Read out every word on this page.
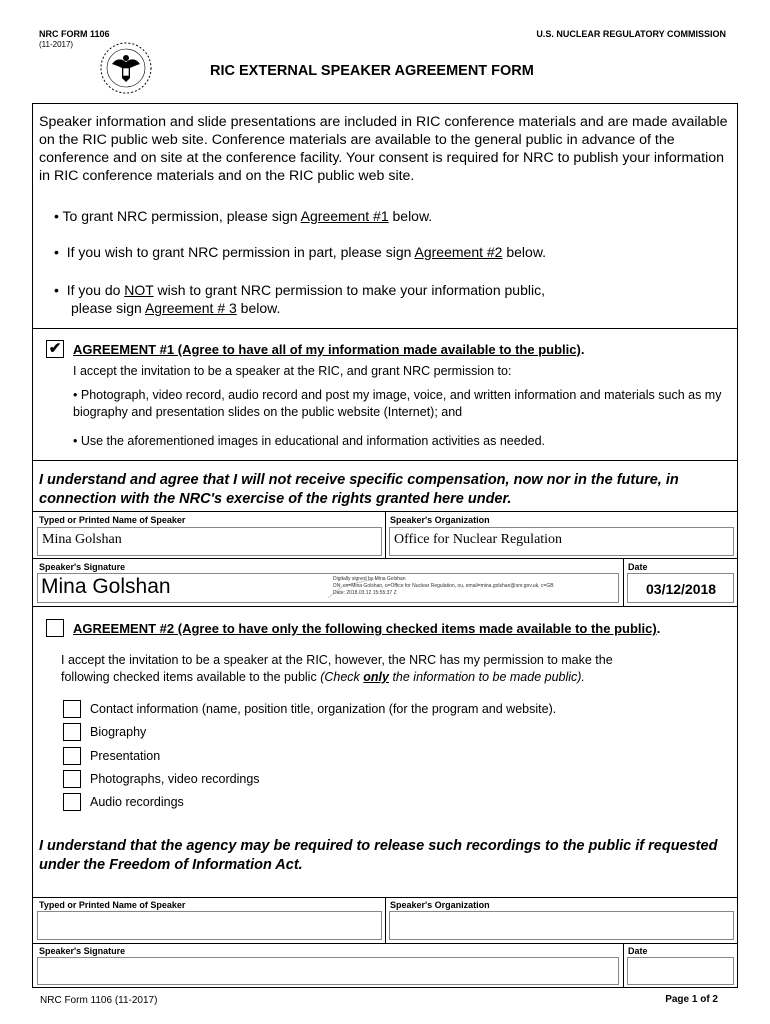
NRC FORM 1106
(11-2017)
U.S. NUCLEAR REGULATORY COMMISSION
RIC EXTERNAL SPEAKER AGREEMENT FORM
Speaker information and slide presentations are included in RIC conference materials and are made available on the RIC public web site. Conference materials are available to the general public in advance of the conference and on site at the conference facility. Your consent is required for NRC to publish your information in RIC conference materials and on the RIC public web site.
• To grant NRC permission, please sign Agreement #1 below.
•  If you wish to grant NRC permission in part, please sign Agreement #2 below.
•  If you do NOT wish to grant NRC permission to make your information public,
please sign Agreement # 3 below.
✔ AGREEMENT #1 (Agree to have all of my information made available to the public).
I accept the invitation to be a speaker at the RIC, and grant NRC permission to:
• Photograph, video record, audio record and post my image, voice, and written information and materials such as my biography and presentation slides on the public website (Internet); and
• Use the aforementioned images in educational and information activities as needed.
I understand and agree that I will not receive specific compensation, now nor in the future, in connection with the NRC's exercise of the rights granted here under.
Typed or Printed Name of Speaker	Speaker's Organization
Mina Golshan	Office for Nuclear Regulation
Speaker's Signature	Date
Mina Golshan	Digitally signed by Mina Golshan
DN: cn=Mina Golshan, o=Office for Nuclear Regulation, ou, email=mina.golshan@onr.gov.uk, c=GB
Date: 2018.03.12 15:55:37 Z	03/12/2018
AGREEMENT #2 (Agree to have only the following checked items made available to the public).
I accept the invitation to be a speaker at the RIC, however, the NRC has my permission to make the
following checked items available to the public (Check only the information to be made public).
Contact information (name, position title, organization (for the program and website).
Biography
Presentation
Photographs, video recordings
Audio recordings
I understand that the agency may be required to release such recordings to the public if requested under the Freedom of Information Act.
Typed or Printed Name of Speaker	Speaker's Organization
Speaker's Signature	Date
NRC Form 1106 (11-2017)	Page 1 of 2
